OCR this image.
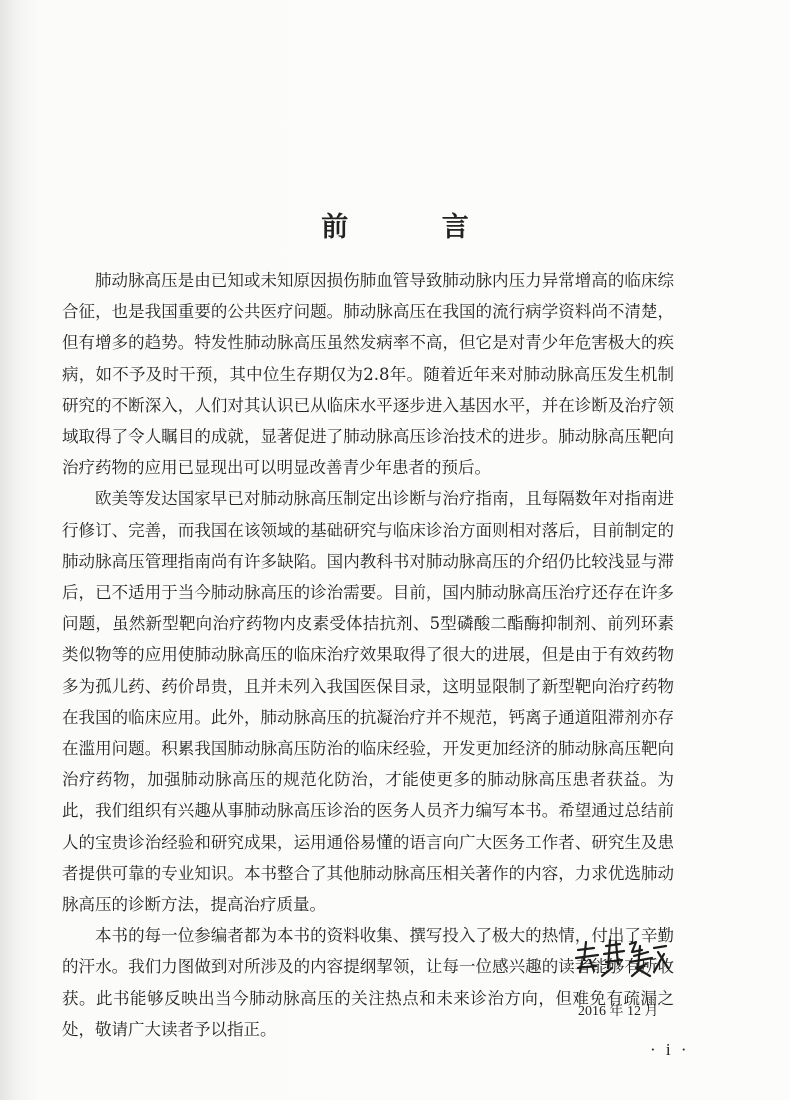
前 言

肺动脉高压是由已知或未知原因损伤肺血管导致肺动脉内压力异常增高的临床综合征，也是我国重要的公共医疗问题。肺动脉高压在我国的流行病学资料尚不清楚，但有增多的趋势。特发性肺动脉高压虽然发病率不高，但它是对青少年危害极大的疾病，如不予及时干预，其中位生存期仅为2.8年。随着近年来对肺动脉高压发生机制研究的不断深入，人们对其认识已从临床水平逐步进入基因水平，并在诊断及治疗领域取得了令人瞩目的成就，显著促进了肺动脉高压诊治技术的进步。肺动脉高压靶向治疗药物的应用已显现出可以明显改善青少年患者的预后。

欧美等发达国家早已对肺动脉高压制定出诊断与治疗指南，且每隔数年对指南进行修订、完善，而我国在该领域的基础研究与临床诊治方面则相对落后，目前制定的肺动脉高压管理指南尚有许多缺陷。国内教科书对肺动脉高压的介绍仍比较浅显与滞后，已不适用于当今肺动脉高压的诊治需要。目前，国内肺动脉高压治疗还存在许多问题，虽然新型靶向治疗药物内皮素受体拮抗剂、5型磷酸二酯酶抑制剂、前列环素类似物等的应用使肺动脉高压的临床治疗效果取得了很大的进展，但是由于有效药物多为孤儿药、药价昂贵，且并未列入我国医保目录，这明显限制了新型靶向治疗药物在我国的临床应用。此外，肺动脉高压的抗凝治疗并不规范，钙离子通道阻滞剂亦存在滥用问题。积累我国肺动脉高压防治的临床经验，开发更加经济的肺动脉高压靶向治疗药物，加强肺动脉高压的规范化防治，才能使更多的肺动脉高压患者获益。为此，我们组织有兴趣从事肺动脉高压诊治的医务人员齐力编写本书。希望通过总结前人的宝贵诊治经验和研究成果，运用通俗易懂的语言向广大医务工作者、研究生及患者提供可靠的专业知识。本书整合了其他肺动脉高压相关著作的内容，力求优选肺动脉高压的诊断方法，提高治疗质量。

本书的每一位参编者都为本书的资料收集、撰写投入了极大的热情，付出了辛勤的汗水。我们力图做到对所涉及的内容提纲挈领，让每一位感兴趣的读者能够有所收获。此书能够反映出当今肺动脉高压的关注热点和未来诊治方向，但难免有疏漏之处，敬请广大读者予以指正。

2016 年 12 月
· i ·
